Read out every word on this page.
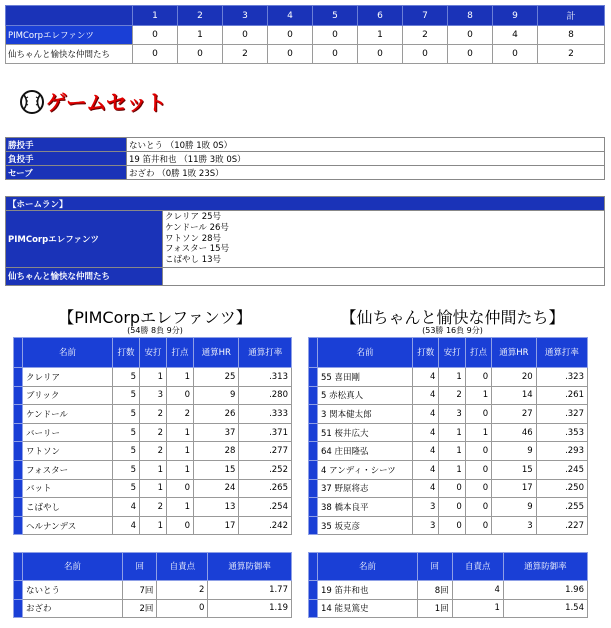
	1	2	3	4	5	6	7	8	9	計
PIMCorpエレファンツ	0	1	0	0	0	1	2	0	4	8
仙ちゃんと愉快な仲間たち	0	0	2	0	0	0	0	0	0	2
ゲームセット
勝投手	ないとう （10勝 1敗 0S）
負投手	19 笛井和也 （11勝 3敗 0S）
セーブ	おざわ （0勝 1敗 23S）
【ホームラン】	
PIMCorpエレファンツ	クレリア 25号
ケンドール 26号
ワトソン 28号
フォスター 15号
こばやし 13号

仙ちゃんと愉快な仲間たち	
【PIMCorpエレファンツ】
(54勝 8負 9分)
	名前	打数	安打	打点	通算HR	通算打率
	クレリア	5	1	1	25	.313
	ブリック	5	3	0	9	.280
	ケンドール	5	2	2	26	.333
	バーリー	5	2	1	37	.371
	ワトソン	5	2	1	28	.277
	フォスター	5	1	1	15	.252
	バット	5	1	0	24	.265
	こばやし	4	2	1	13	.254
	ヘルナンデス	4	1	0	17	.242
	名前	回	自責点	通算防御率
	ないとう	7回	2	1.77
	おざわ	2回	0	1.19
【仙ちゃんと愉快な仲間たち】
(53勝 16負 9分)
	名前	打数	安打	打点	通算HR	通算打率
	55 喜田剛	4	1	0	20	.323
	5 赤松真人	4	2	1	14	.261
	3 関本健太郎	4	3	0	27	.327
	51 桜井広大	4	1	1	46	.353
	64 庄田隆弘	4	1	0	9	.293
	4 アンディ・シーツ	4	1	0	15	.245
	37 野原将志	4	0	0	17	.250
	38 橋本良平	3	0	0	9	.255
	35 坂克彦	3	0	0	3	.227
	名前	回	自責点	通算防御率
	19 笛井和也	8回	4	1.96
	14 能見篤史	1回	1	1.54
